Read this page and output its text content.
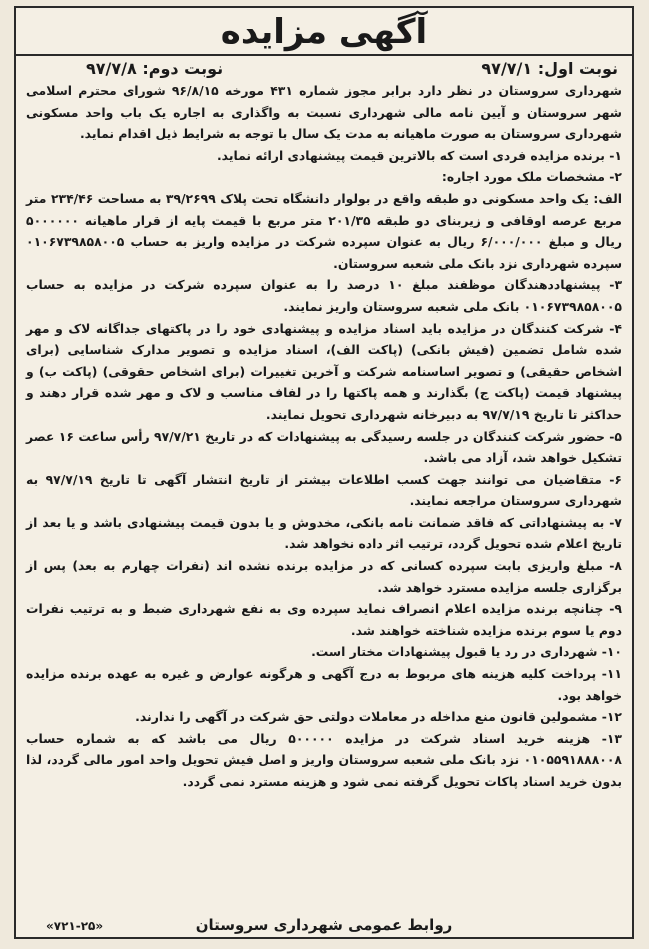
آگهی مزایده
نوبت اول: ۹۷/۷/۱
نوبت دوم: ۹۷/۷/۸

شهرداری سروستان در نظر دارد برابر مجوز شماره ۴۳۱ مورخه ۹۶/۸/۱۵ شورای محترم اسلامی شهر سروستان و آیین نامه مالی شهرداری نسبت به واگذاری به اجاره یک باب واحد مسکونی شهرداری سروستان به صورت ماهیانه به مدت یک سال با توجه به شرایط ذیل اقدام نماید.

۱- برنده مزایده فردی است که بالاترین قیمت پیشنهادی ارائه نماید.

۲- مشخصات ملک مورد اجاره:

الف: یک واحد مسکونی دو طبقه واقع در بولوار دانشگاه تحت پلاک ۳۹/۲۶۹۹ به مساحت ۲۳۴/۴۶ متر مربع عرصه اوقافی و زیربنای دو طبقه ۲۰۱/۳۵ متر مربع با قیمت پایه از قرار ماهیانه ۵۰۰۰۰۰۰ ریال و مبلغ ۶/۰۰۰/۰۰۰ ریال به عنوان سپرده شرکت در مزایده واریز به حساب ۰۱۰۶۷۳۹۸۵۸۰۰۵ سپرده شهرداری نزد بانک ملی شعبه سروستان.

۳- پیشنهاددهندگان موظفند مبلغ ۱۰ درصد را به عنوان سپرده شرکت در مزایده به حساب ۰۱۰۶۷۳۹۸۵۸۰۰۵ بانک ملی شعبه سروستان واریز نمایند.

۴- شرکت کنندگان در مزایده باید اسناد مزایده و پیشنهادی خود را در پاکتهای جداگانه لاک و مهر شده شامل تضمین (فیش بانکی) (پاکت الف)، اسناد مزایده و تصویر مدارک شناسایی (برای اشخاص حقیقی) و تصویر اساسنامه شرکت و آخرین تغییرات (برای اشخاص حقوقی) (پاکت ب) و پیشنهاد قیمت (پاکت ج) بگذارند و همه پاکتها را در لفاف مناسب و لاک و مهر شده قرار دهند و حداکثر تا تاریخ ۹۷/۷/۱۹ به دبیرخانه شهرداری تحویل نمایند.

۵- حضور شرکت کنندگان در جلسه رسیدگی به پیشنهادات که در تاریخ ۹۷/۷/۲۱ رأس ساعت ۱۶ عصر تشکیل خواهد شد، آزاد می باشد.

۶- متقاضیان می توانند جهت کسب اطلاعات بیشتر از تاریخ انتشار آگهی تا تاریخ ۹۷/۷/۱۹ به شهرداری سروستان مراجعه نمایند.

۷- به پیشنهاداتی که فاقد ضمانت نامه بانکی، مخدوش و یا بدون قیمت پیشنهادی باشد و یا بعد از تاریخ اعلام شده تحویل گردد، ترتیب اثر داده نخواهد شد.

۸- مبلغ واریزی بابت سپرده کسانی که در مزایده برنده نشده اند (نفرات چهارم به بعد) پس از برگزاری جلسه مزایده مسترد خواهد شد.

۹- چنانچه برنده مزایده اعلام انصراف نماید سپرده وی به نفع شهرداری ضبط و به ترتیب نفرات دوم یا سوم برنده مزایده شناخته خواهند شد.

۱۰- شهرداری در رد یا قبول پیشنهادات مختار است.

۱۱- پرداخت کلیه هزینه های مربوط به درج آگهی و هرگونه عوارض و غیره به عهده برنده مزایده خواهد بود.

۱۲- مشمولین قانون منع مداخله در معاملات دولتی حق شرکت در آگهی را ندارند.

۱۳- هزینه خرید اسناد شرکت در مزایده ۵۰۰۰۰۰ ریال می باشد که به شماره حساب ۰۱۰۵۵۹۱۸۸۸۰۰۸ نزد بانک ملی شعبه سروستان واریز و اصل فیش تحویل واحد امور مالی گردد، لذا بدون خرید اسناد پاکات تحویل گرفته نمی شود و هزینه مسترد نمی گردد.

روابط عمومی شهرداری سروستان
«۷۲۱-۲۵»
